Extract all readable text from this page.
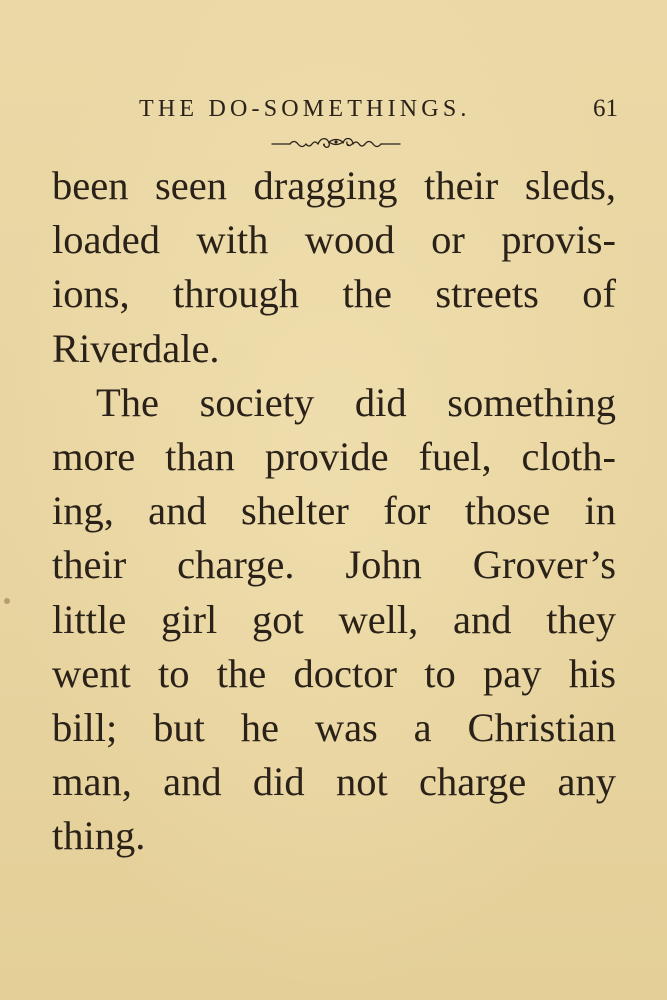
THE DO-SOMETHINGS.	61
been seen dragging their sleds,
loaded with wood or provis-
ions, through the streets of
Riverdale.
The society did something
more than provide fuel, cloth-
ing, and shelter for those in
their charge. John Grover’s
little girl got well, and they
went to the doctor to pay his
bill; but he was a Christian
man, and did not charge any
thing.
